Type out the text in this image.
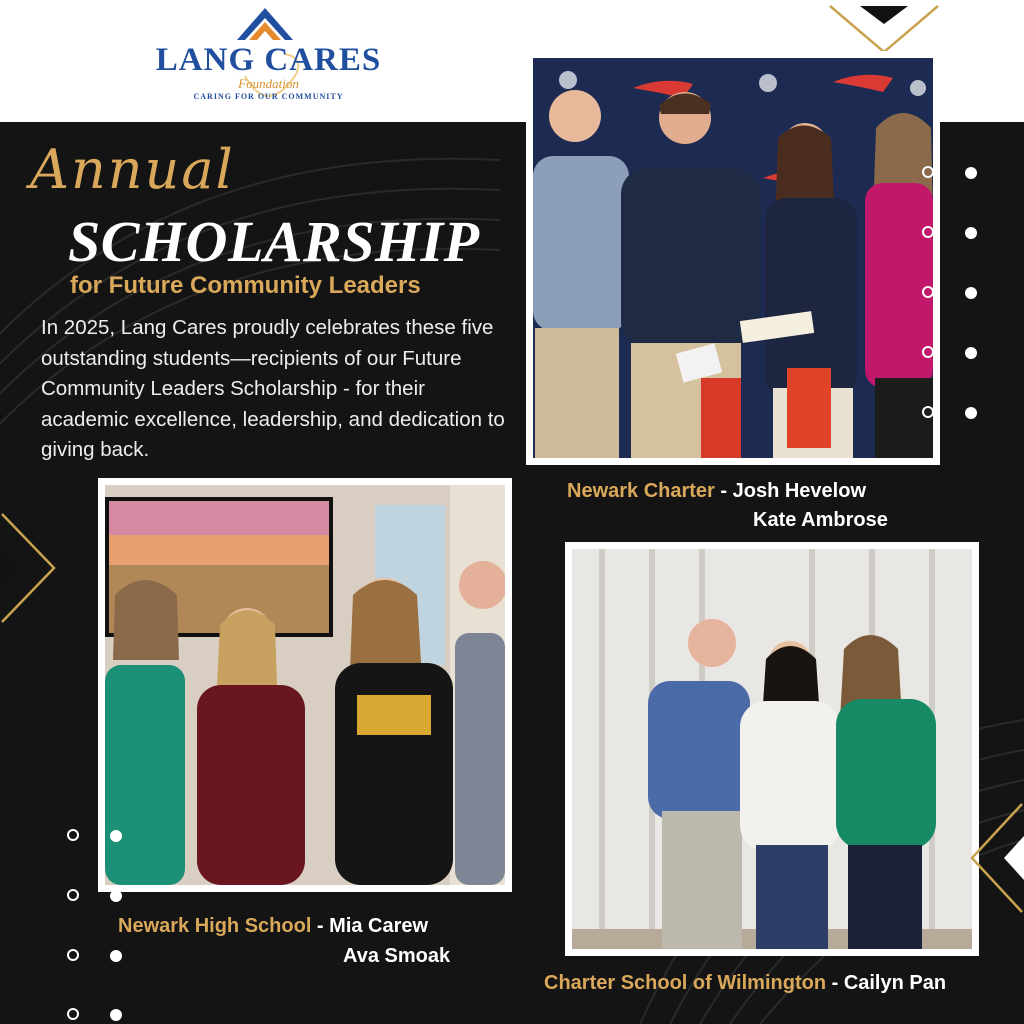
LANG CARES
Foundation
CARING FOR OUR COMMUNITY
Annual
SCHOLARSHIP
for Future Community Leaders
In 2025, Lang Cares proudly celebrates these five outstanding students—recipients of our Future Community Leaders Scholarship - for their academic excellence, leadership, and dedication to giving back.
Newark Charter - Josh Hevelow
Kate Ambrose
Newark High School - Mia Carew
Ava Smoak
Charter School of Wilmington - Cailyn Pan
